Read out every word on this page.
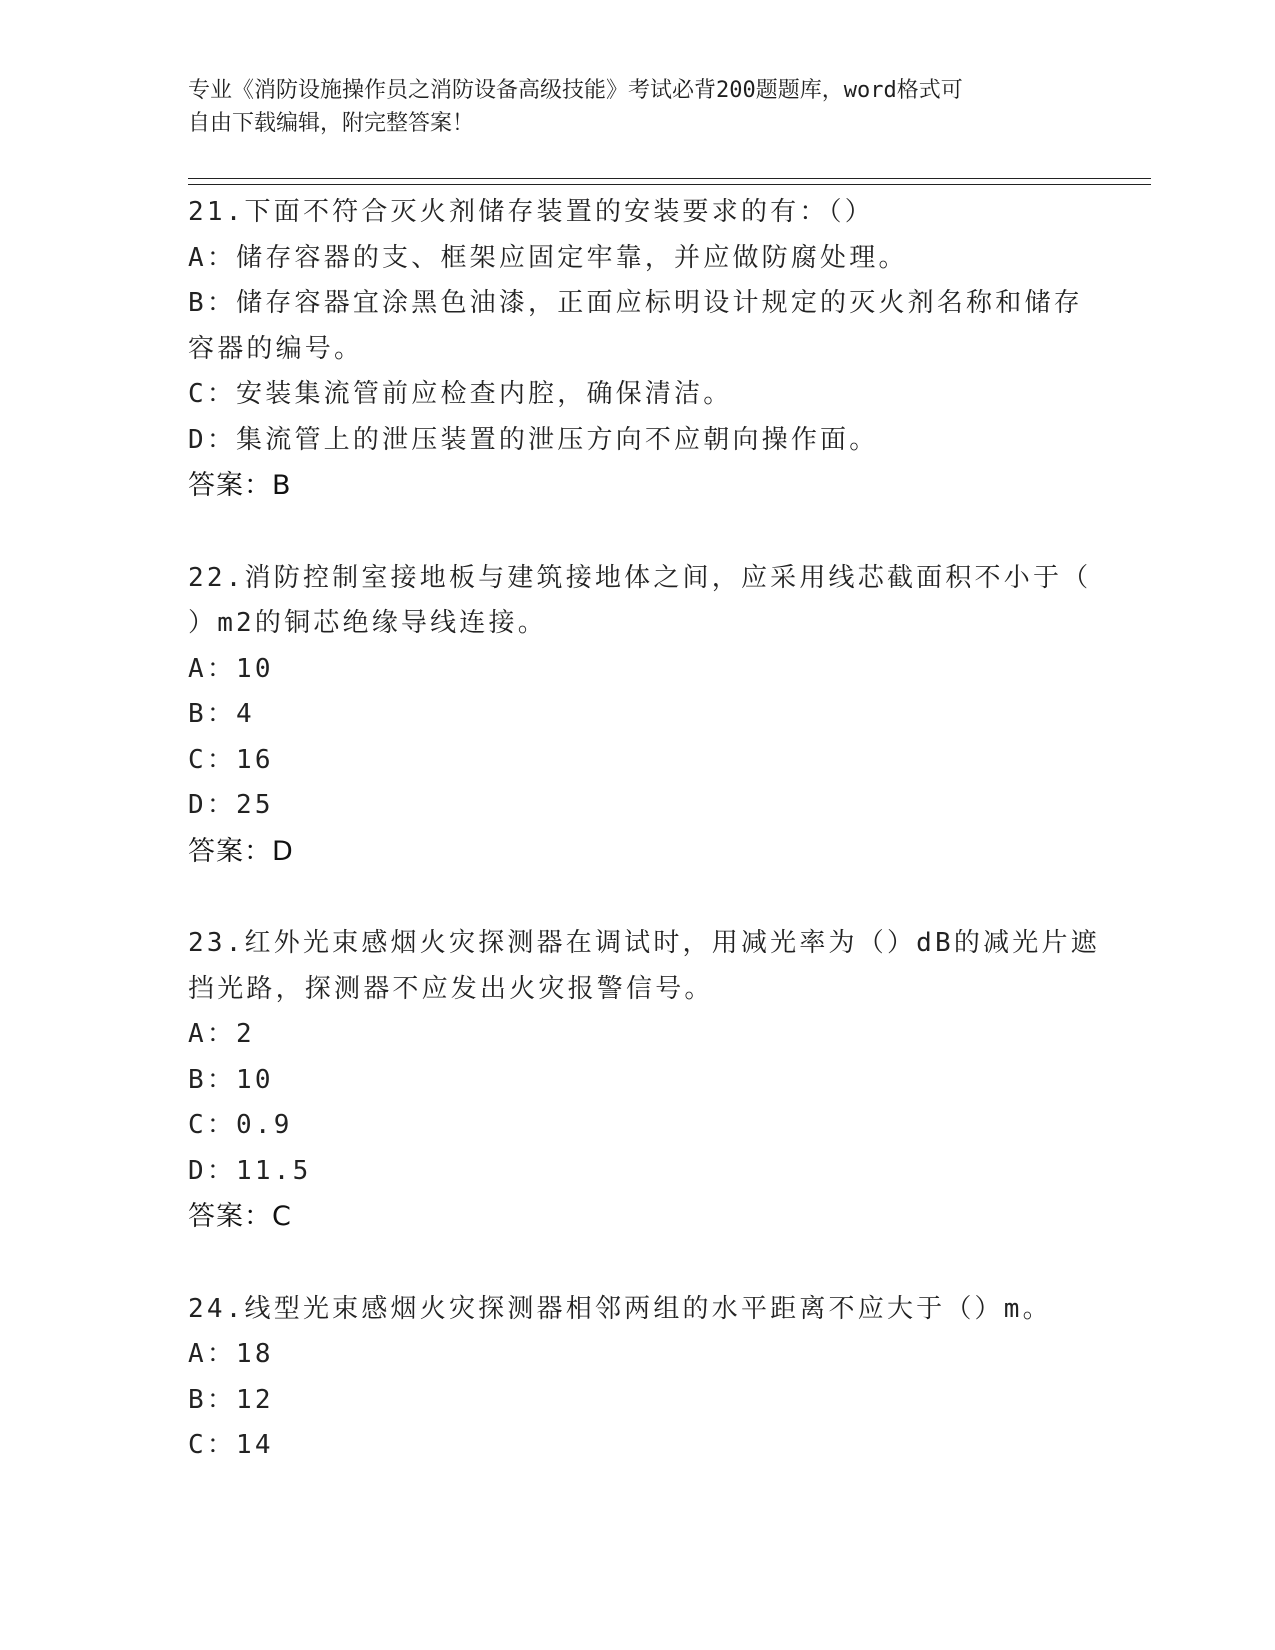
专业《消防设施操作员之消防设备高级技能》考试必背200题题库，word格式可
自由下载编辑，附完整答案！
21.下面不符合灭火剂储存装置的安装要求的有：（）
A：储存容器的支、框架应固定牢靠，并应做防腐处理。
B：储存容器宜涂黑色油漆，正面应标明设计规定的灭火剂名称和储存
容器的编号。
C：安装集流管前应检查内腔，确保清洁。
D：集流管上的泄压装置的泄压方向不应朝向操作面。
答案：B
22.消防控制室接地板与建筑接地体之间，应采用线芯截面积不小于（
）m2的铜芯绝缘导线连接。
A：10
B：4
C：16
D：25
答案：D
23.红外光束感烟火灾探测器在调试时，用减光率为（）dB的减光片遮
挡光路，探测器不应发出火灾报警信号。
A：2
B：10
C：0.9
D：11.5
答案：C
24.线型光束感烟火灾探测器相邻两组的水平距离不应大于（）m。
A：18
B：12
C：14
